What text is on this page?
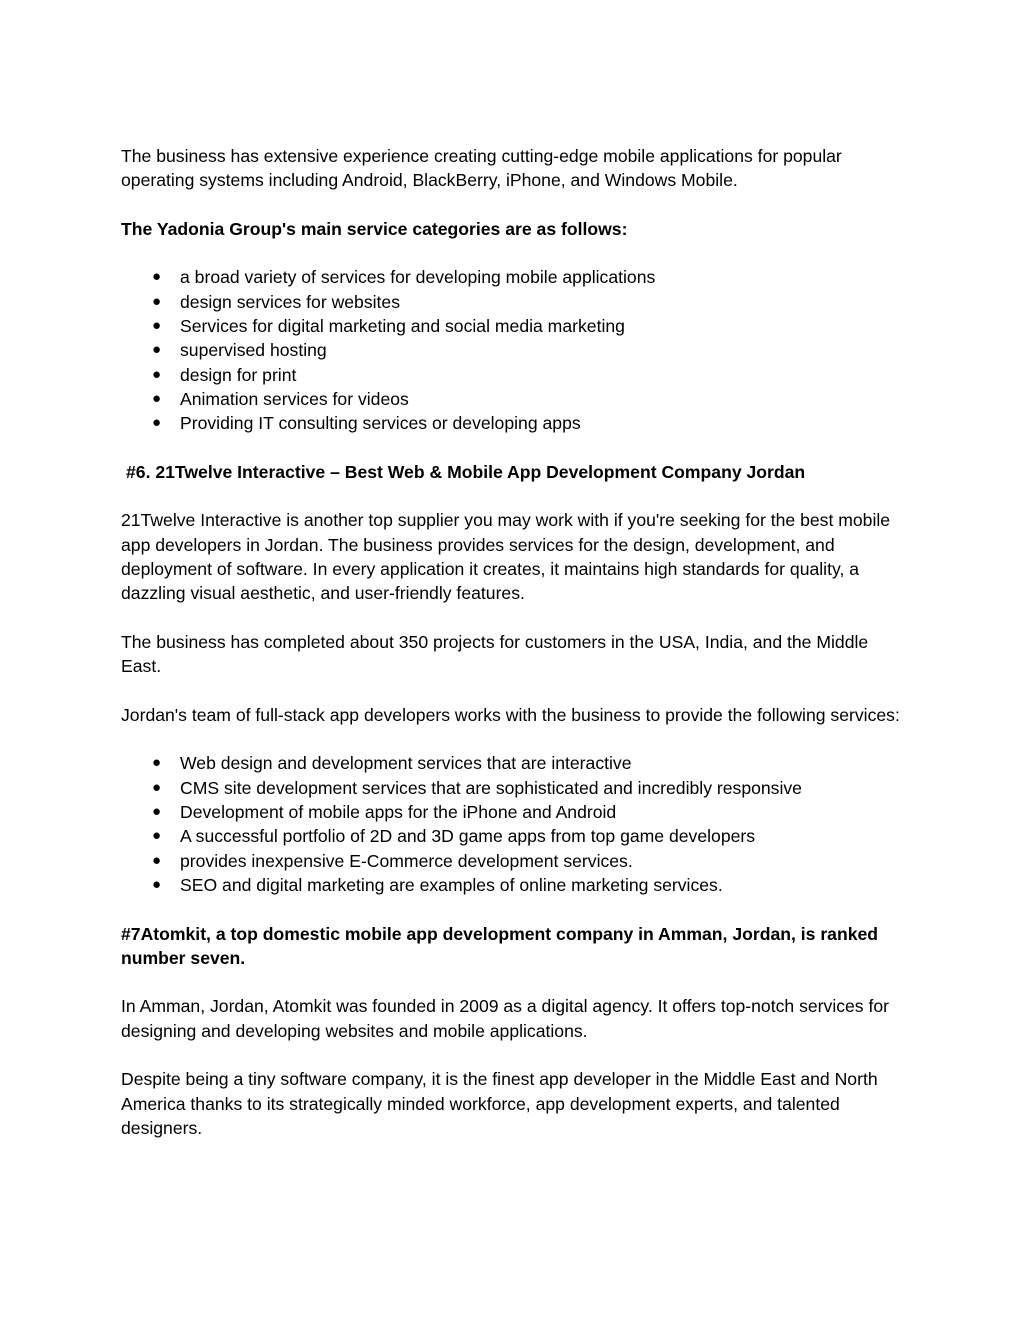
The business has extensive experience creating cutting-edge mobile applications for popular operating systems including Android, BlackBerry, iPhone, and Windows Mobile.

The Yadonia Group's main service categories are as follows:

● a broad variety of services for developing mobile applications
● design services for websites
● Services for digital marketing and social media marketing
● supervised hosting
● design for print
● Animation services for videos
● Providing IT consulting services or developing apps

#6. 21Twelve Interactive – Best Web & Mobile App Development Company Jordan

21Twelve Interactive is another top supplier you may work with if you're seeking for the best mobile app developers in Jordan. The business provides services for the design, development, and deployment of software. In every application it creates, it maintains high standards for quality, a dazzling visual aesthetic, and user-friendly features.

The business has completed about 350 projects for customers in the USA, India, and the Middle East.

Jordan's team of full-stack app developers works with the business to provide the following services:

● Web design and development services that are interactive
● CMS site development services that are sophisticated and incredibly responsive
● Development of mobile apps for the iPhone and Android
● A successful portfolio of 2D and 3D game apps from top game developers
● provides inexpensive E-Commerce development services.
● SEO and digital marketing are examples of online marketing services.

#7Atomkit, a top domestic mobile app development company in Amman, Jordan, is ranked number seven.

In Amman, Jordan, Atomkit was founded in 2009 as a digital agency. It offers top-notch services for designing and developing websites and mobile applications.

Despite being a tiny software company, it is the finest app developer in the Middle East and North America thanks to its strategically minded workforce, app development experts, and talented designers.
